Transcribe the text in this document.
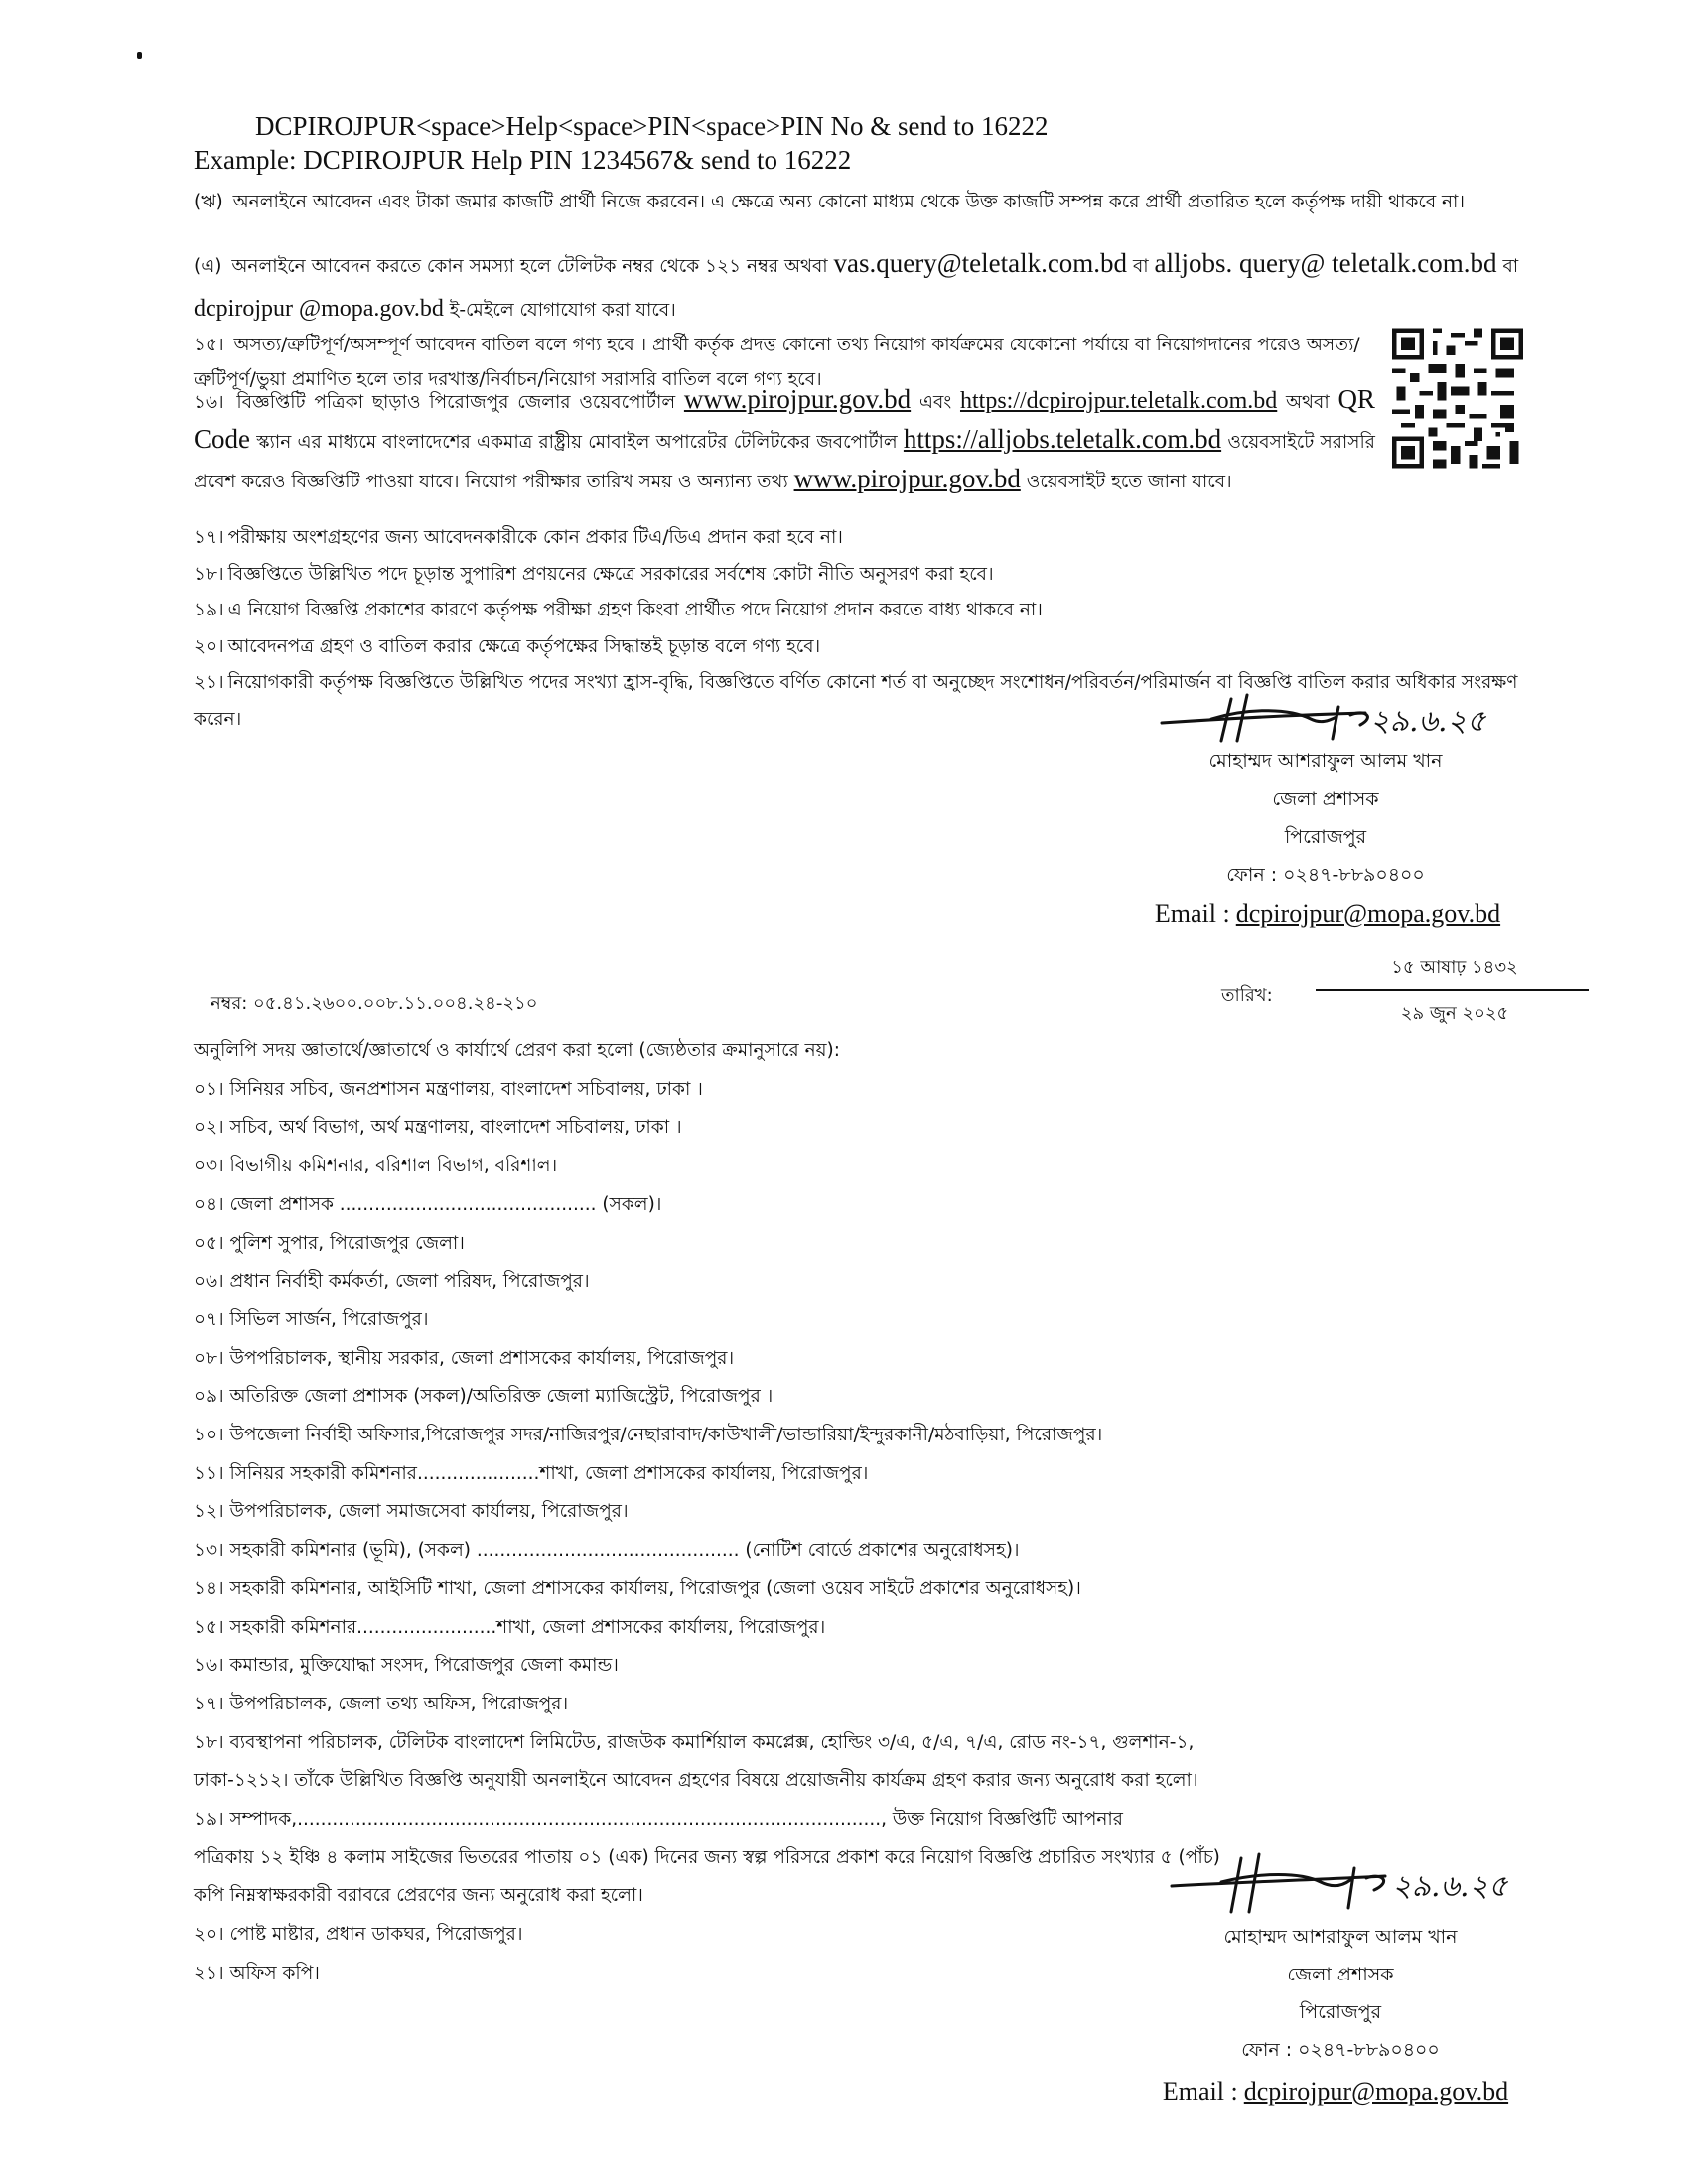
DCPIROJPUR<space>Help<space>PIN<space>PIN No & send to 16222
Example: DCPIROJPUR Help PIN 1234567& send to 16222
(ঋ) অনলাইনে আবেদন এবং টাকা জমার কাজটি প্রার্থী নিজে করবেন। এ ক্ষেত্রে অন্য কোনো মাধ্যম থেকে উক্ত কাজটি সম্পন্ন করে প্রার্থী প্রতারিত হলে কর্তৃপক্ষ দায়ী থাকবে না।
(এ) অনলাইনে আবেদন করতে কোন সমস্যা হলে টেলিটক নম্বর থেকে ১২১ নম্বর অথবা vas.query@teletalk.com.bd বা alljobs. query@ teletalk.com.bd বা dcpirojpur @mopa.gov.bd ই-মেইলে যোগাযোগ করা যাবে।
১৫। অসত্য/ত্রুটিপূর্ণ/অসম্পূর্ণ আবেদন বাতিল বলে গণ্য হবে । প্রার্থী কর্তৃক প্রদত্ত কোনো তথ্য নিয়োগ কার্যক্রমের যেকোনো পর্যায়ে বা নিয়োগদানের পরেও অসত্য/ত্রুটিপূর্ণ/ভুয়া প্রমাণিত হলে তার দরখাস্ত/নির্বাচন/নিয়োগ সরাসরি বাতিল বলে গণ্য হবে।
১৬। বিজ্ঞপ্তিটি পত্রিকা ছাড়াও পিরোজপুর জেলার ওয়েবপোর্টাল www.pirojpur.gov.bd এবং https://dcpirojpur.teletalk.com.bd অথবা QR Code স্ক্যান এর মাধ্যমে বাংলাদেশের একমাত্র রাষ্ট্রীয় মোবাইল অপারেটর টেলিটকের জবপোর্টাল https://alljobs.teletalk.com.bd ওয়েবসাইটে সরাসরি প্রবেশ করেও বিজ্ঞপ্তিটি পাওয়া যাবে। নিয়োগ পরীক্ষার তারিখ সময় ও অন্যান্য তথ্য www.pirojpur.gov.bd ওয়েবসাইট হতে জানা যাবে।
১৭। পরীক্ষায় অংশগ্রহণের জন্য আবেদনকারীকে কোন প্রকার টিএ/ডিএ প্রদান করা হবে না।
১৮। বিজ্ঞপ্তিতে উল্লিখিত পদে চূড়ান্ত সুপারিশ প্রণয়নের ক্ষেত্রে সরকারের সর্বশেষ কোটা নীতি অনুসরণ করা হবে।
১৯। এ নিয়োগ বিজ্ঞপ্তি প্রকাশের কারণে কর্তৃপক্ষ পরীক্ষা গ্রহণ কিংবা প্রার্থীত পদে নিয়োগ প্রদান করতে বাধ্য থাকবে না।
২০। আবেদনপত্র গ্রহণ ও বাতিল করার ক্ষেত্রে কর্তৃপক্ষের সিদ্ধান্তই চূড়ান্ত বলে গণ্য হবে।
২১। নিয়োগকারী কর্তৃপক্ষ বিজ্ঞপ্তিতে উল্লিখিত পদের সংখ্যা হ্রাস-বৃদ্ধি, বিজ্ঞপ্তিতে বর্ণিত কোনো শর্ত বা অনুচ্ছেদ সংশোধন/পরিবর্তন/পরিমার্জন বা বিজ্ঞপ্তি বাতিল করার অধিকার সংরক্ষণ করেন।	২৯.৬.২৫
মোহাম্মদ আশরাফুল আলম খান
জেলা প্রশাসক
পিরোজপুর
ফোন : ০২৪৭-৮৮৯০৪০০
Email : dcpirojpur@mopa.gov.bd
নম্বর: ০৫.৪১.২৬০০.০০৮.১১.০০৪.২৪-২১০	তারিখ:
১৫ আষাঢ় ১৪৩২
২৯ জুন ২০২৫
অনুলিপি সদয় জ্ঞাতার্থে/জ্ঞাতার্থে ও কার্যার্থে প্রেরণ করা হলো (জ্যেষ্ঠতার ক্রমানুসারে নয়):
০১। সিনিয়র সচিব, জনপ্রশাসন মন্ত্রণালয়, বাংলাদেশ সচিবালয়, ঢাকা ।
০২। সচিব, অর্থ বিভাগ, অর্থ মন্ত্রণালয়, বাংলাদেশ সচিবালয়, ঢাকা ।
০৩। বিভাগীয় কমিশনার, বরিশাল বিভাগ, বরিশাল।
০৪। জেলা প্রশাসক ............................................ (সকল)।
০৫। পুলিশ সুপার, পিরোজপুর জেলা।
০৬। প্রধান নির্বাহী কর্মকর্তা, জেলা পরিষদ, পিরোজপুর।
০৭। সিভিল সার্জন, পিরোজপুর।
০৮। উপপরিচালক, স্থানীয় সরকার, জেলা প্রশাসকের কার্যালয়, পিরোজপুর।
০৯। অতিরিক্ত জেলা প্রশাসক (সকল)/অতিরিক্ত জেলা ম্যাজিস্ট্রেট, পিরোজপুর ।
১০। উপজেলা নির্বাহী অফিসার,পিরোজপুর সদর/নাজিরপুর/নেছারাবাদ/কাউখালী/ভান্ডারিয়া/ইন্দুরকানী/মঠবাড়িয়া, পিরোজপুর।
১১। সিনিয়র সহকারী কমিশনার.....................শাখা, জেলা প্রশাসকের কার্যালয়, পিরোজপুর।
১২। উপপরিচালক, জেলা সমাজসেবা কার্যালয়, পিরোজপুর।
১৩। সহকারী কমিশনার (ভূমি), (সকল) ............................................. (নোটিশ বোর্ডে প্রকাশের অনুরোধসহ)।
১৪। সহকারী কমিশনার, আইসিটি শাখা, জেলা প্রশাসকের কার্যালয়, পিরোজপুর (জেলা ওয়েব সাইটে প্রকাশের অনুরোধসহ)।
১৫। সহকারী কমিশনার........................শাখা, জেলা প্রশাসকের কার্যালয়, পিরোজপুর।
১৬। কমান্ডার, মুক্তিযোদ্ধা সংসদ, পিরোজপুর জেলা কমান্ড।
১৭। উপপরিচালক, জেলা তথ্য অফিস, পিরোজপুর।
১৮। ব্যবস্থাপনা পরিচালক, টেলিটক বাংলাদেশ লিমিটেড, রাজউক কমার্শিয়াল কমপ্লেক্স, হোল্ডিং ৩/এ, ৫/এ, ৭/এ, রোড নং-১৭, গুলশান-১,
ঢাকা-১২১২। তাঁকে উল্লিখিত বিজ্ঞপ্তি অনুযায়ী অনলাইনে আবেদন গ্রহণের বিষয়ে প্রয়োজনীয় কার্যক্রম গ্রহণ করার জন্য অনুরোধ করা হলো।
১৯। সম্পাদক,...................................................................................................., উক্ত নিয়োগ বিজ্ঞপ্তিটি আপনার
পত্রিকায় ১২ ইঞ্চি ৪ কলাম সাইজের ভিতরের পাতায় ০১ (এক) দিনের জন্য স্বল্প পরিসরে প্রকাশ করে নিয়োগ বিজ্ঞপ্তি প্রচারিত সংখ্যার ৫ (পাঁচ)
কপি নিম্নস্বাক্ষরকারী বরাবরে প্রেরণের জন্য অনুরোধ করা হলো।
২০। পোষ্ট মাষ্টার, প্রধান ডাকঘর, পিরোজপুর।
২১। অফিস কপি।
২৯.৬.২৫
মোহাম্মদ আশরাফুল আলম খান
জেলা প্রশাসক
পিরোজপুর
ফোন : ০২৪৭-৮৮৯০৪০০
Email : dcpirojpur@mopa.gov.bd
